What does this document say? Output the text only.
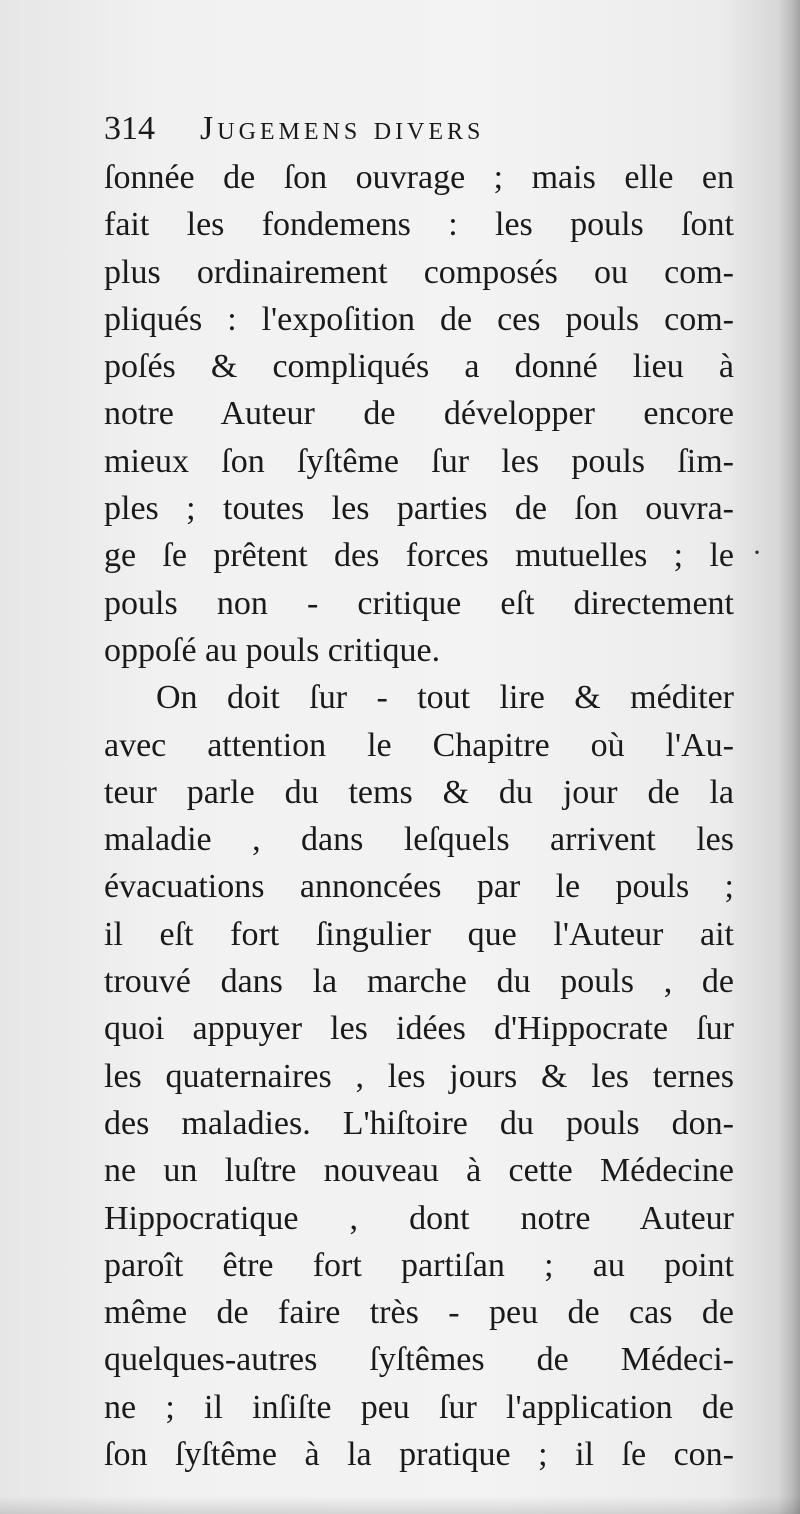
314 Jugemens divers
ſonnée de ſon ouvrage ; mais elle en
fait les fondemens : les pouls ſont
plus ordinairement composés ou com-
pliqués : l'expoſition de ces pouls com-
poſés & compliqués a donné lieu à
notre Auteur de développer encore
mieux ſon ſyſtême ſur les pouls ſim-
ples ; toutes les parties de ſon ouvra-
ge ſe prêtent des forces mutuelles ; le
pouls non - critique eſt directement
oppoſé au pouls critique.
On doit ſur - tout lire & méditer
avec attention le Chapitre où l'Au-
teur parle du tems & du jour de la
maladie , dans leſquels arrivent les
évacuations annoncées par le pouls ;
il eſt fort ſingulier que l'Auteur ait
trouvé dans la marche du pouls , de
quoi appuyer les idées d'Hippocrate ſur
les quaternaires , les jours & les ternes
des maladies. L'hiſtoire du pouls don-
ne un luſtre nouveau à cette Médecine
Hippocratique , dont notre Auteur
paroît être fort partiſan ; au point
même de faire très - peu de cas de
quelques-autres ſyſtêmes de Médeci-
ne ; il inſiſte peu ſur l'application de
ſon ſyſtême à la pratique ; il ſe con-
·
